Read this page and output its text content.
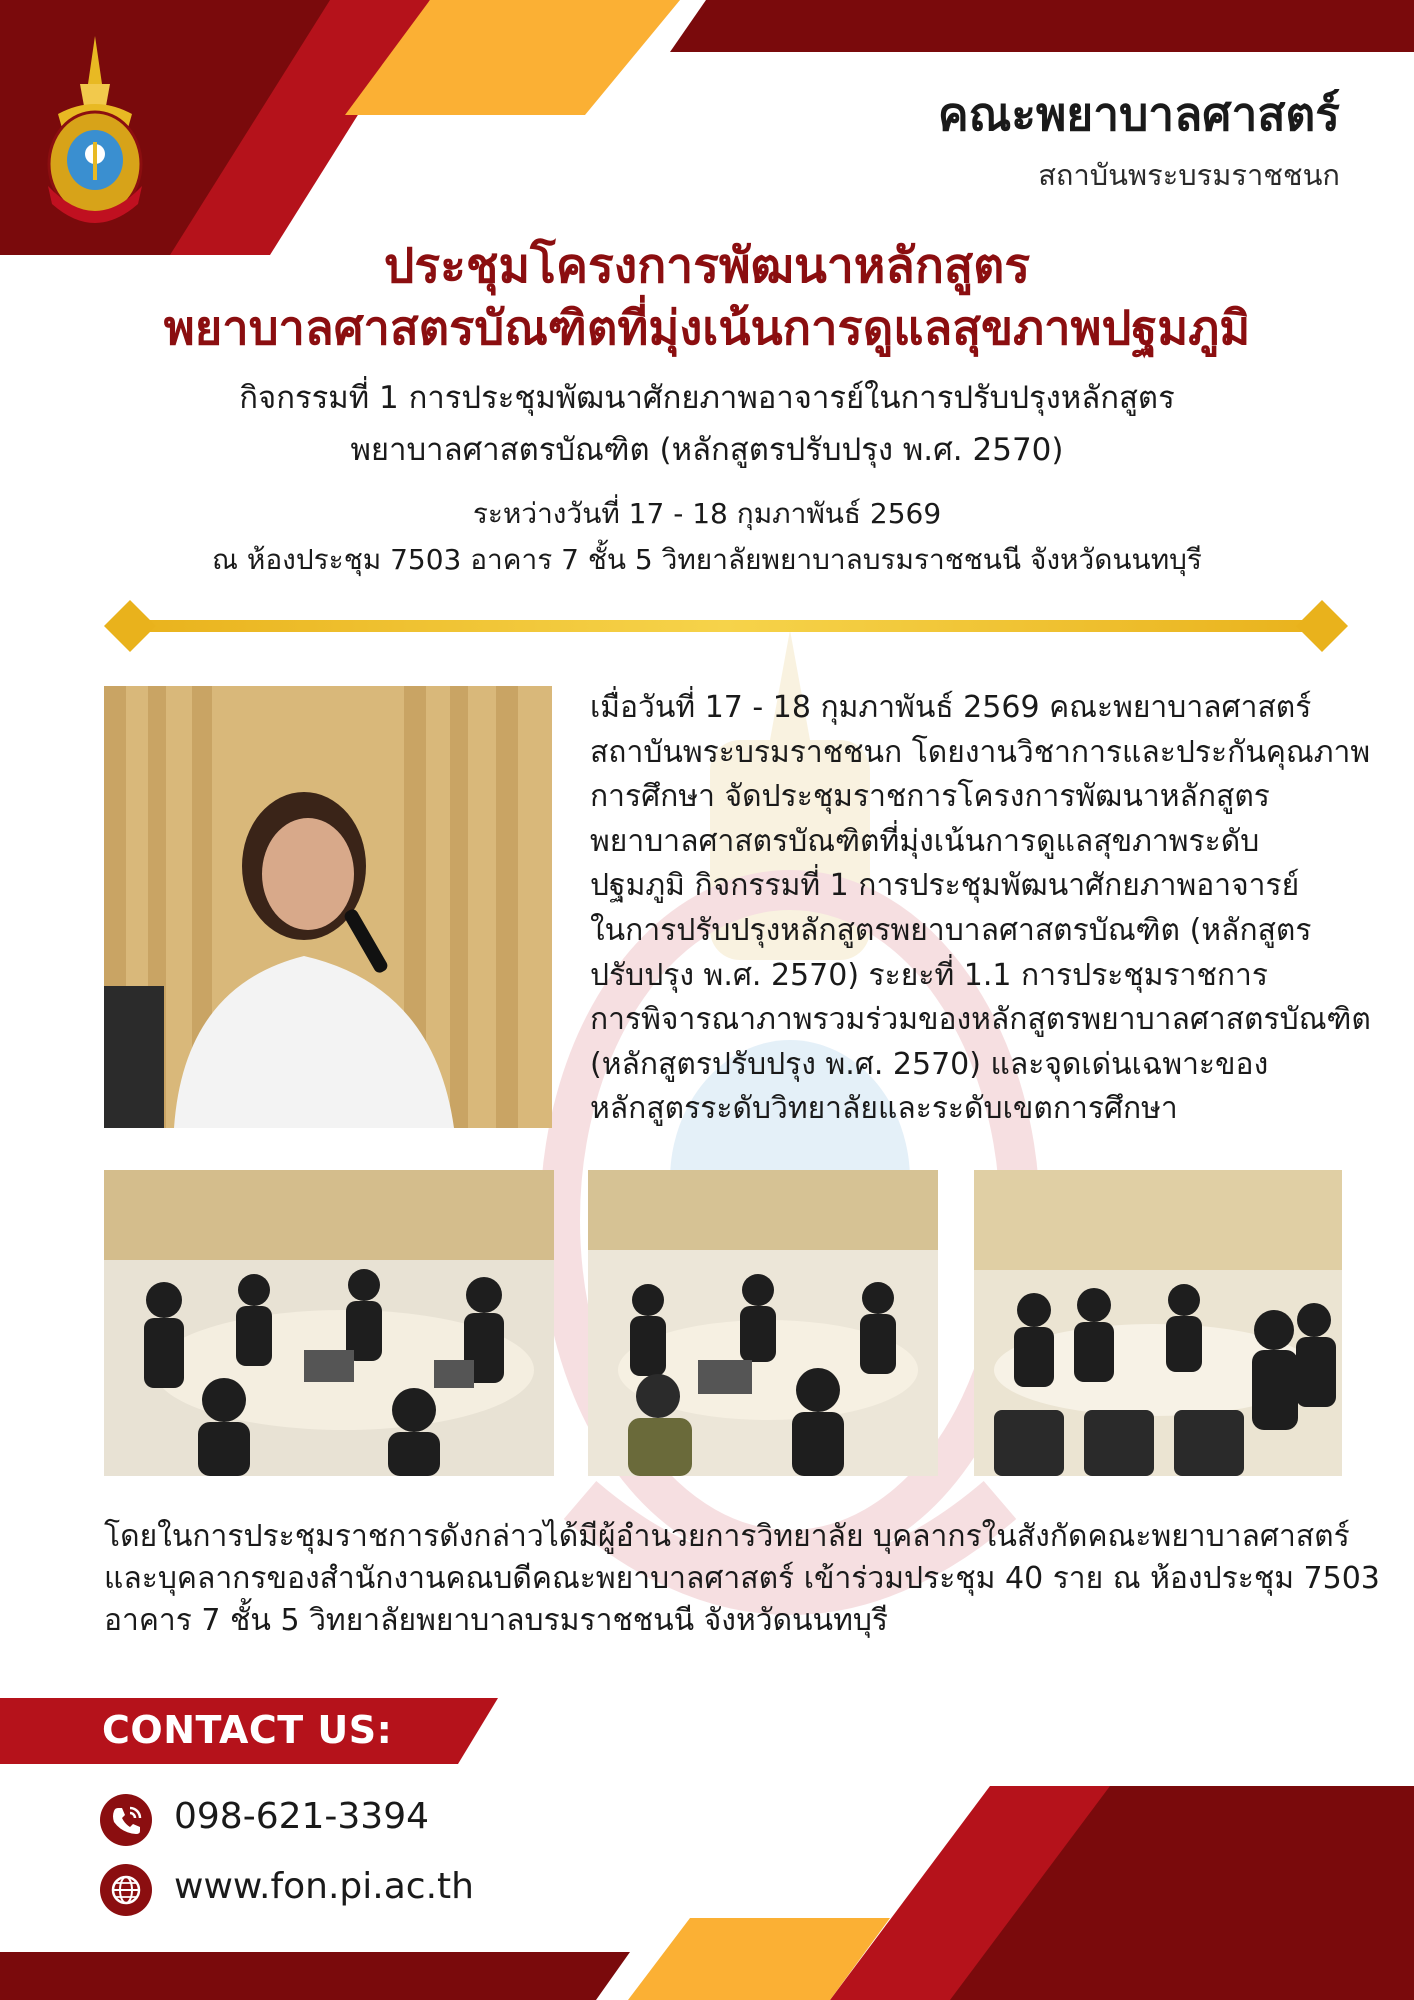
คณะพยาบาลศาสตร์
สถาบันพระบรมราชชนก
ประชุมโครงการพัฒนาหลักสูตร
พยาบาลศาสตรบัณฑิตที่มุ่งเน้นการดูแลสุขภาพปฐมภูมิ
กิจกรรมที่ 1 การประชุมพัฒนาศักยภาพอาจารย์ในการปรับปรุงหลักสูตร
พยาบาลศาสตรบัณฑิต (หลักสูตรปรับปรุง พ.ศ. 2570)
ระหว่างวันที่ 17 - 18 กุมภาพันธ์ 2569
ณ ห้องประชุม 7503 อาคาร 7 ชั้น 5 วิทยาลัยพยาบาลบรมราชชนนี จังหวัดนนทบุรี
เมื่อวันที่ 17 - 18 กุมภาพันธ์ 2569 คณะพยาบาลศาสตร์
สถาบันพระบรมราชชนก โดยงานวิชาการและประกันคุณภาพ
การศึกษา จัดประชุมราชการโครงการพัฒนาหลักสูตร
พยาบาลศาสตรบัณฑิตที่มุ่งเน้นการดูแลสุขภาพระดับ
ปฐมภูมิ กิจกรรมที่ 1 การประชุมพัฒนาศักยภาพอาจารย์
ในการปรับปรุงหลักสูตรพยาบาลศาสตรบัณฑิต (หลักสูตร
ปรับปรุง พ.ศ. 2570) ระยะที่ 1.1 การประชุมราชการ
การพิจารณาภาพรวมร่วมของหลักสูตรพยาบาลศาสตรบัณฑิต
(หลักสูตรปรับปรุง พ.ศ. 2570) และจุดเด่นเฉพาะของ
หลักสูตรระดับวิทยาลัยและระดับเขตการศึกษา
โดยในการประชุมราชการดังกล่าวได้มีผู้อำนวยการวิทยาลัย บุคลากรในสังกัดคณะพยาบาลศาสตร์
และบุคลากรของสำนักงานคณบดีคณะพยาบาลศาสตร์ เข้าร่วมประชุม 40 ราย ณ ห้องประชุม 7503
อาคาร 7 ชั้น 5 วิทยาลัยพยาบาลบรมราชชนนี จังหวัดนนทบุรี
CONTACT US:
098-621-3394
www.fon.pi.ac.th
